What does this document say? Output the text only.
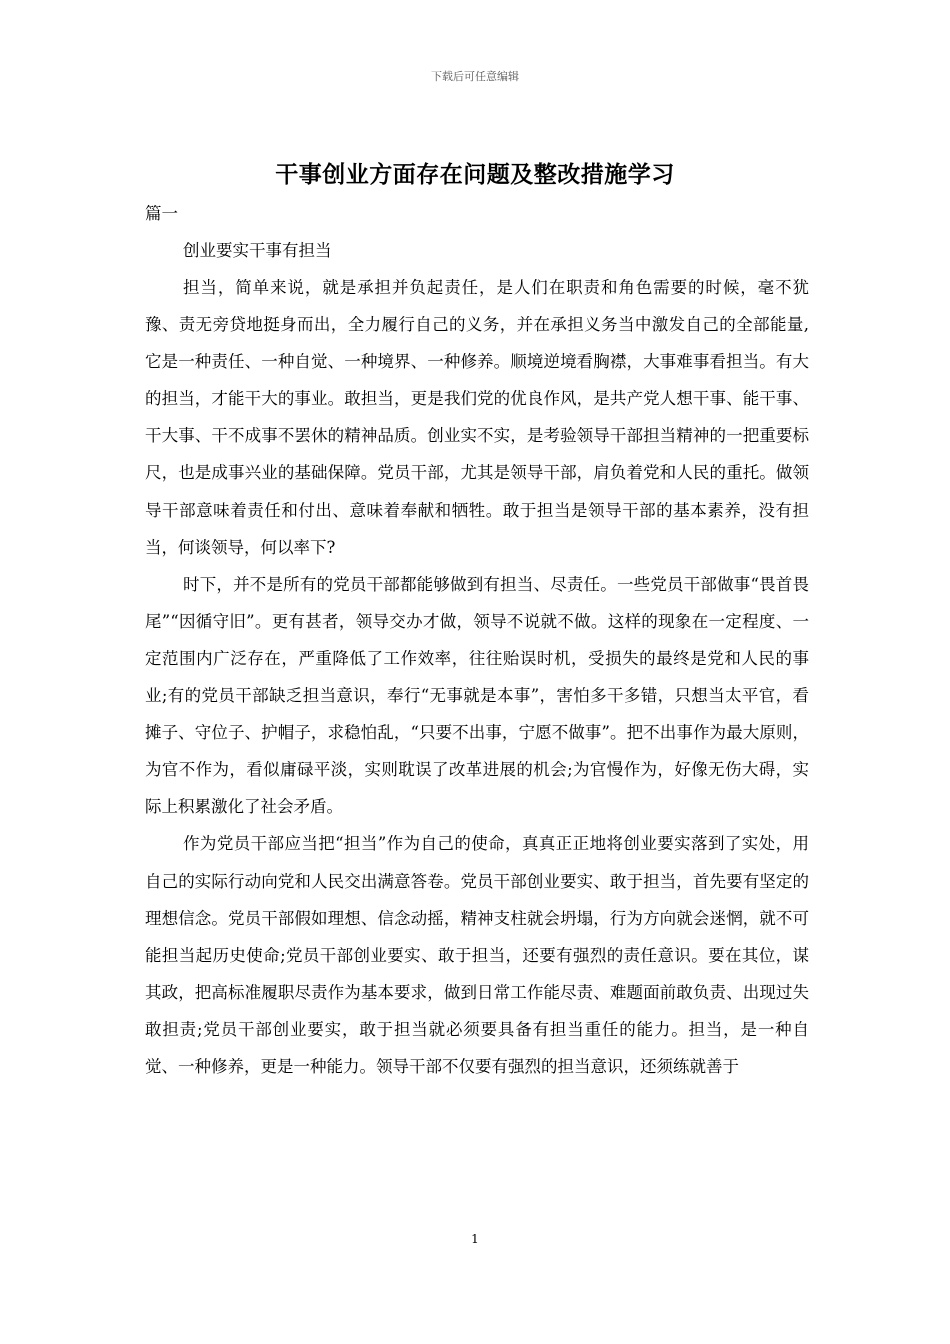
下载后可任意编辑
干事创业方面存在问题及整改措施学习
篇一
创业要实干事有担当

担当，简单来说，就是承担并负起责任，是人们在职责和角色需要的时候，毫不犹豫、责无旁贷地挺身而出，全力履行自己的义务，并在承担义务当中激发自己的全部能量,它是一种责任、一种自觉、一种境界、一种修养。顺境逆境看胸襟，大事难事看担当。有大的担当，才能干大的事业。敢担当，更是我们党的优良作风，是共产党人想干事、能干事、干大事、干不成事不罢休的精神品质。创业实不实，是考验领导干部担当精神的一把重要标尺，也是成事兴业的基础保障。党员干部，尤其是领导干部，肩负着党和人民的重托。做领导干部意味着责任和付出、意味着奉献和牺牲。敢于担当是领导干部的基本素养，没有担当，何谈领导，何以率下?

时下，并不是所有的党员干部都能够做到有担当、尽责任。一些党员干部做事“畏首畏尾”“因循守旧”。更有甚者，领导交办才做，领导不说就不做。这样的现象在一定程度、一定范围内广泛存在，严重降低了工作效率，往往贻误时机，受损失的最终是党和人民的事业;有的党员干部缺乏担当意识，奉行“无事就是本事”，害怕多干多错，只想当太平官，看摊子、守位子、护帽子，求稳怕乱，“只要不出事，宁愿不做事”。把不出事作为最大原则，为官不作为，看似庸碌平淡，实则耽误了改革进展的机会;为官慢作为，好像无伤大碍，实际上积累激化了社会矛盾。

作为党员干部应当把“担当”作为自己的使命，真真正正地将创业要实落到了实处，用自己的实际行动向党和人民交出满意答卷。党员干部创业要实、敢于担当，首先要有坚定的理想信念。党员干部假如理想、信念动摇，精神支柱就会坍塌，行为方向就会迷惘，就不可能担当起历史使命;党员干部创业要实、敢于担当，还要有强烈的责任意识。要在其位，谋其政，把高标准履职尽责作为基本要求，做到日常工作能尽责、难题面前敢负责、出现过失敢担责;党员干部创业要实，敢于担当就必须要具备有担当重任的能力。担当，是一种自觉、一种修养，更是一种能力。领导干部不仅要有强烈的担当意识，还须练就善于

1
